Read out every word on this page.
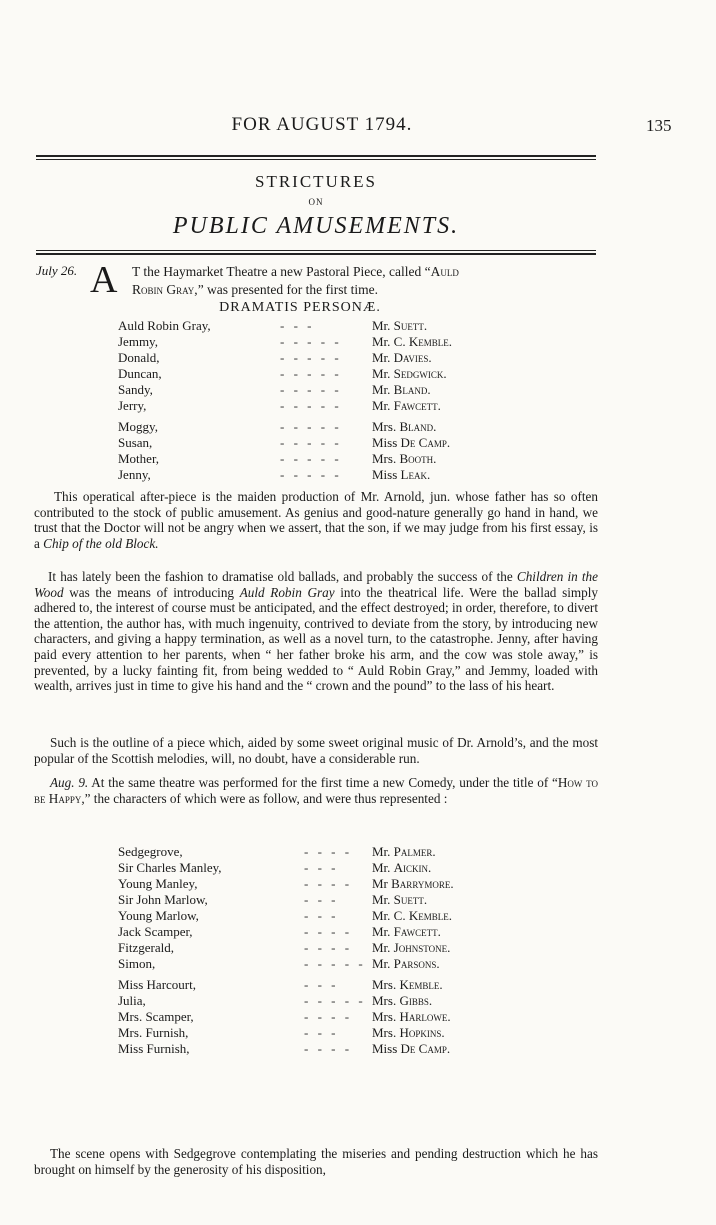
FOR AUGUST 1794.	135
STRICTURES
ON
PUBLIC AMUSEMENTS.
July 26. A T the Haymarket Theatre a new Pastoral Piece, called “Auld
Robin Gray,” was presented for the first time.
DRAMATIS PERSONÆ.
Auld Robin Gray,	- - -	Mr. Suett.
Jemmy,	- - - - - Mr. C. Kemble.
Donald,	- - - - - Mr. Davies.
Duncan,	- - - - - Mr. Sedgwick.
Sandy,	- - - - - Mr. Bland.
Jerry,	- - - - - Mr. Fawcett.
Moggy,	- - - - - Mrs. Bland.
Susan,	- - - - - Miss De Camp.
Mother,	- - - - - Mrs. Booth.
Jenny,	- - - - - Miss Leak.

This operatical after-piece is the maiden production of Mr. Arnold, jun. whose father has so often contributed to the stock of public amusement. As genius and good-nature generally go hand in hand, we trust that the Doctor will not be angry when we assert, that the son, if we may judge from his first essay, is a Chip of the old Block.

It has lately been the fashion to dramatise old ballads, and probably the success of the Children in the Wood was the means of introducing Auld Robin Gray into the theatrical life. Were the ballad simply adhered to, the interest of course must be anticipated, and the effect destroyed; in order, therefore, to divert the attention, the author has, with much ingenuity, contrived to deviate from the story, by introducing new characters, and giving a happy termination, as well as a novel turn, to the catastrophe. Jenny, after having paid every attention to her parents, when “ her father broke his arm, and the cow was stole away,” is prevented, by a lucky fainting fit, from being wedded to “ Auld Robin Gray,” and Jemmy, loaded with wealth, arrives just in time to give his hand and the “ crown and the pound” to the lass of his heart.

Such is the outline of a piece which, aided by some sweet original music of Dr. Arnold’s, and the most popular of the Scottish melodies, will, no doubt, have a considerable run.

Aug. 9. At the same theatre was performed for the first time a new Comedy, under the title of “How to be Happy,” the characters of which were as follow, and were thus represented :

Sedgegrove,	- - - - Mr. Palmer.
Sir Charles Manley,	- - -	Mr. Aickin.
Young Manley,	- - - - Mr Barrymore.
Sir John Marlow,	- - -	Mr. Suett.
Young Marlow,	- - -	Mr. C. Kemble.
Jack Scamper,	- - - - Mr. Fawcett.
Fitzgerald,	- - - - Mr. Johnstone.
Simon,	- - - - - Mr. Parsons.
Miss Harcourt,	- - -	Mrs. Kemble.
Julia,	- - - - - Mrs. Gibbs.
Mrs. Scamper,	- - - - Mrs. Harlowe.
Mrs. Furnish,	- - -	Mrs. Hopkins.
Miss Furnish,	- - - - Miss De Camp.

The scene opens with Sedgegrove contemplating the miseries and pending destruction which he has brought on himself by the generosity of his disposition,
